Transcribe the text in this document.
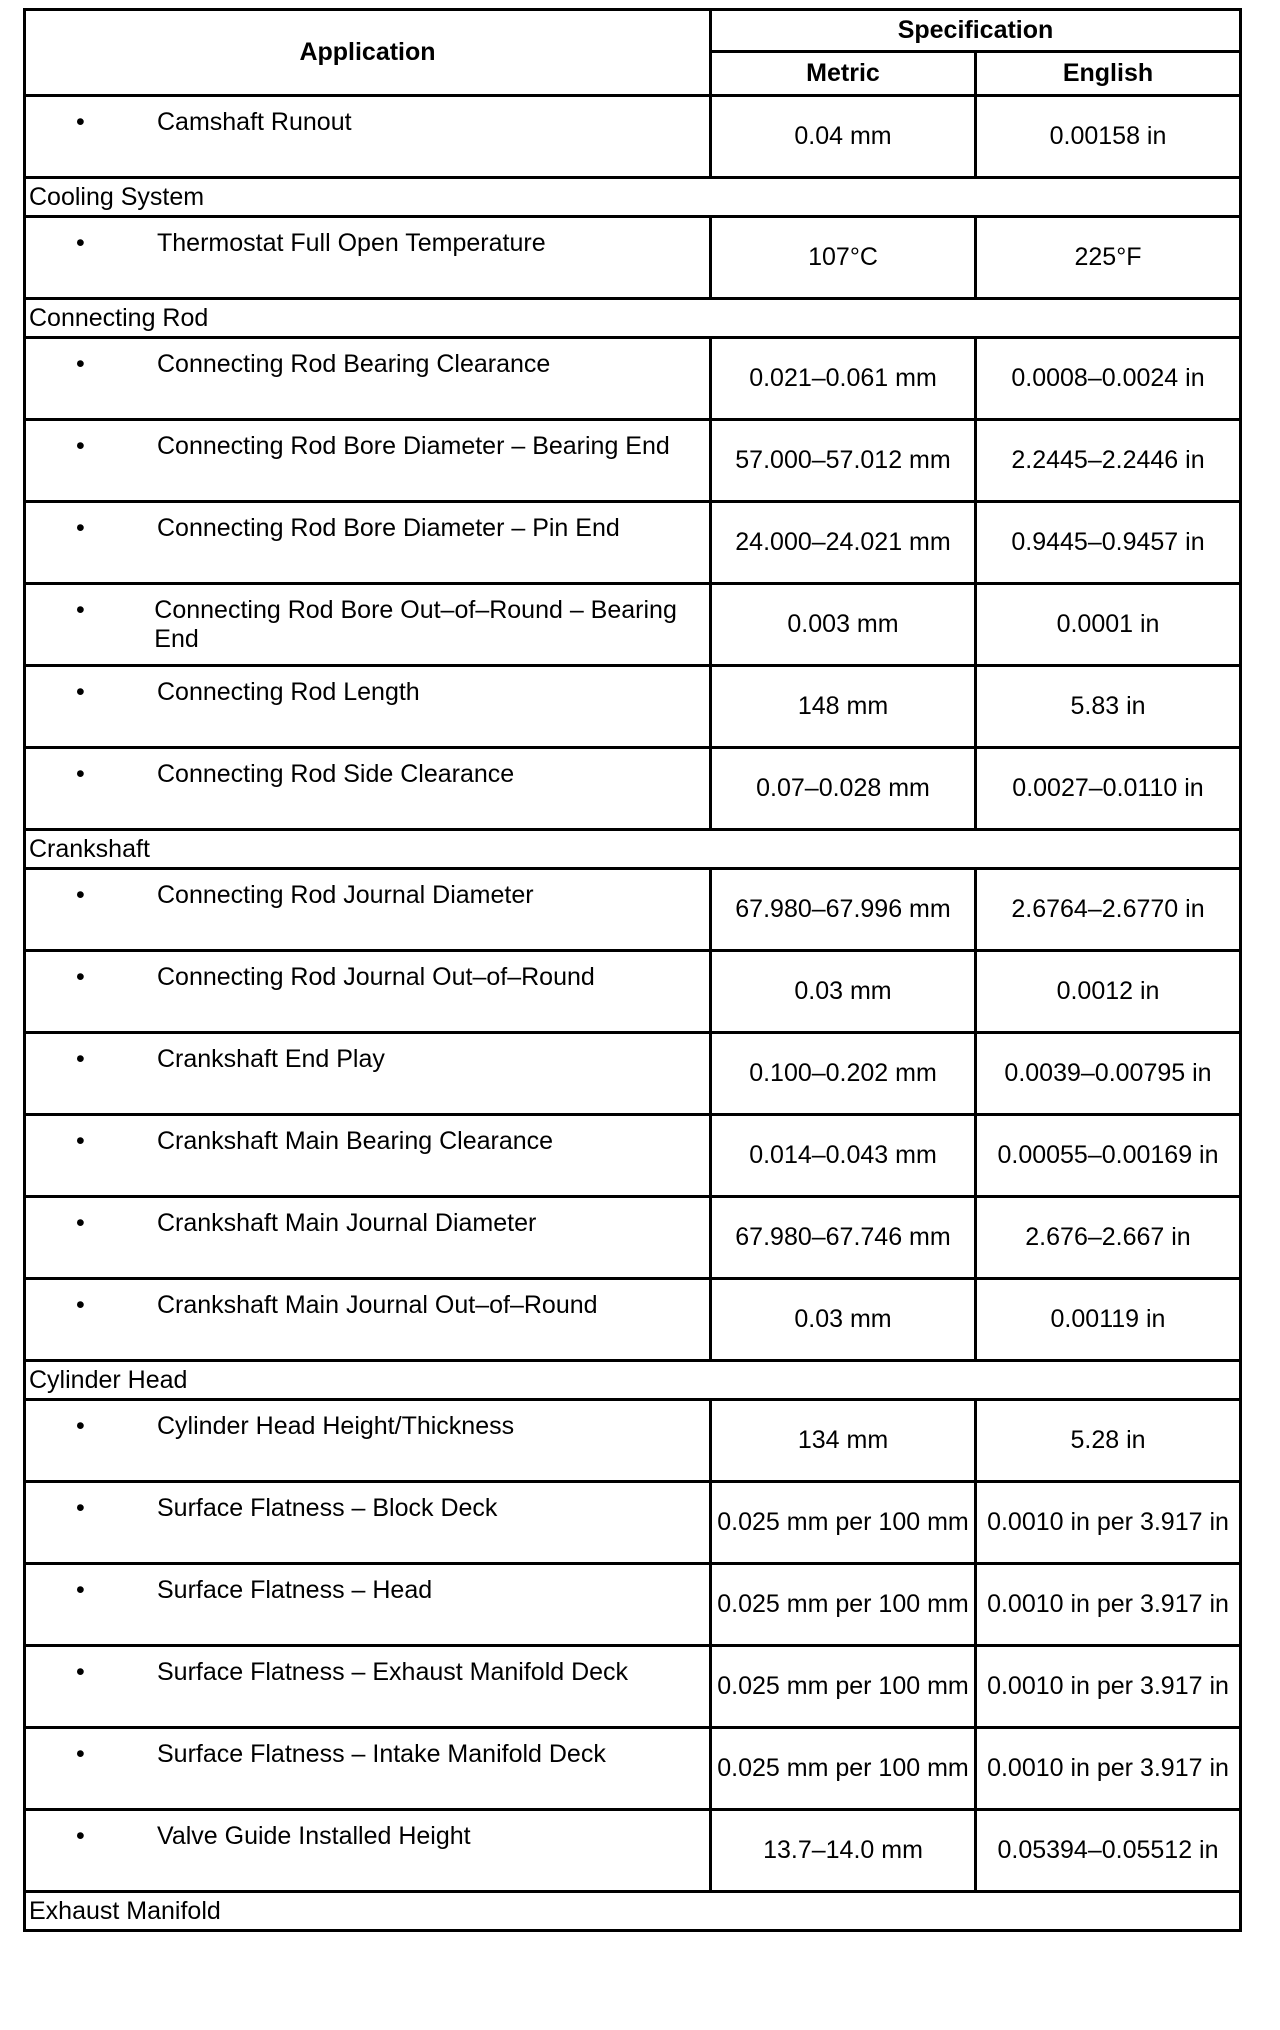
Application	Specification	
	Metric	English

• Camshaft Runout	0.04 mm	0.00158 in
Cooling System		

• Thermostat Full Open Temperature	107°C	225°F
Connecting Rod		

• Connecting Rod Bearing Clearance	0.021–0.061 mm	0.0008–0.0024 in

• Connecting Rod Bore Diameter – Bearing End	57.000–57.012 mm	2.2445–2.2446 in

• Connecting Rod Bore Diameter – Pin End	24.000–24.021 mm	0.9445–0.9457 in

• Connecting Rod Bore Out–of–Round – Bearing End	0.003 mm	0.0001 in

• Connecting Rod Length	148 mm	5.83 in

• Connecting Rod Side Clearance	0.07–0.028 mm	0.0027–0.0110 in
Crankshaft		

• Connecting Rod Journal Diameter	67.980–67.996 mm	2.6764–2.6770 in

• Connecting Rod Journal Out–of–Round	0.03 mm	0.0012 in

• Crankshaft End Play	0.100–0.202 mm	0.0039–0.00795 in

• Crankshaft Main Bearing Clearance	0.014–0.043 mm	0.00055–0.00169 in

• Crankshaft Main Journal Diameter	67.980–67.746 mm	2.676–2.667 in

• Crankshaft Main Journal Out–of–Round	0.03 mm	0.00119 in
Cylinder Head		

• Cylinder Head Height/Thickness	134 mm	5.28 in

• Surface Flatness – Block Deck	0.025 mm per 100 mm	0.0010 in per 3.917 in

• Surface Flatness – Head	0.025 mm per 100 mm	0.0010 in per 3.917 in

• Surface Flatness – Exhaust Manifold Deck	0.025 mm per 100 mm	0.0010 in per 3.917 in

• Surface Flatness – Intake Manifold Deck	0.025 mm per 100 mm	0.0010 in per 3.917 in

• Valve Guide Installed Height	13.7–14.0 mm	0.05394–0.05512 in
Exhaust Manifold		
